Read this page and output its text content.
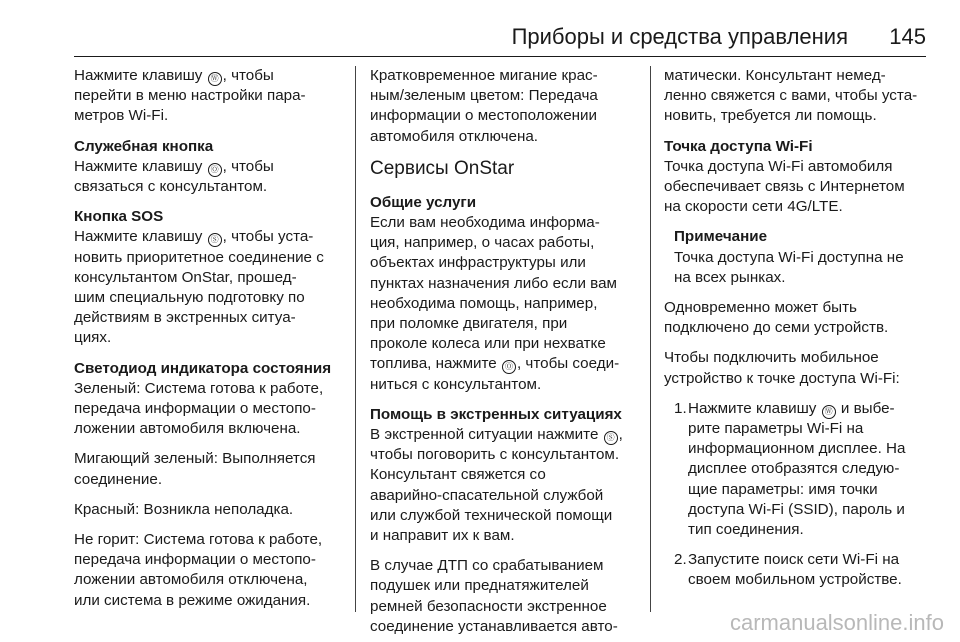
Приборы и средства управления 145
Нажмите клавишу Ⓦ , чтобы
перейти в меню настройки пара-
метров Wi-Fi.
Служебная кнопка
Нажмите клавишу Ⓞ , чтобы
связаться с консультантом.
Кнопка SOS
Нажмите клавишу Ⓢ , чтобы уста-
новить приоритетное соединение с
консультантом OnStar, прошед-
шим специальную подготовку по
действиям в экстренных ситуа-
циях.
Светодиод индикатора состояния
Зеленый: Система готова к работе,
передача информации о местопо-
ложении автомобиля включена.
Мигающий зеленый: Выполняется
соединение.
Красный: Возникла неполадка.
Не горит: Система готова к работе,
передача информации о местопо-
ложении автомобиля отключена,
или система в режиме ожидания.
Кратковременное мигание крас-
ным/зеленым цветом: Передача
информации о местоположении
автомобиля отключена.
Сервисы OnStar
Общие услуги
Если вам необходима информа-
ция, например, о часах работы,
объектах инфраструктуры или
пунктах назначения либо если вам
необходима помощь, например,
при поломке двигателя, при
проколе колеса или при нехватке
топлива, нажмите Ⓞ , чтобы соеди-
ниться с консультантом.
Помощь в экстренных ситуациях
В экстренной ситуации нажмите Ⓢ ,
чтобы поговорить с консультантом.
Консультант свяжется со
аварийно-спасательной службой
или службой технической помощи
и направит их к вам.
В случае ДТП со срабатыванием
подушек или преднатяжителей
ремней безопасности экстренное
соединение устанавливается авто-
матически. Консультант немед-
ленно свяжется с вами, чтобы уста-
новить, требуется ли помощь.
Точка доступа Wi-Fi
Точка доступа Wi-Fi автомобиля
обеспечивает связь с Интернетом
на скорости сети 4G/LTE.
Примечание
Точка доступа Wi-Fi доступна не
на всех рынках.
Одновременно может быть
подключено до семи устройств.
Чтобы подключить мобильное
устройство к точке доступа Wi-Fi:
1. Нажмите клавишу Ⓦ и выбе-
рите параметры Wi-Fi на
информационном дисплее. На
дисплее отобразятся следую-
щие параметры: имя точки
доступа Wi-Fi (SSID), пароль и
тип соединения.
2. Запустите поиск сети Wi-Fi на
своем мобильном устройстве.
carmanualsonline.info
